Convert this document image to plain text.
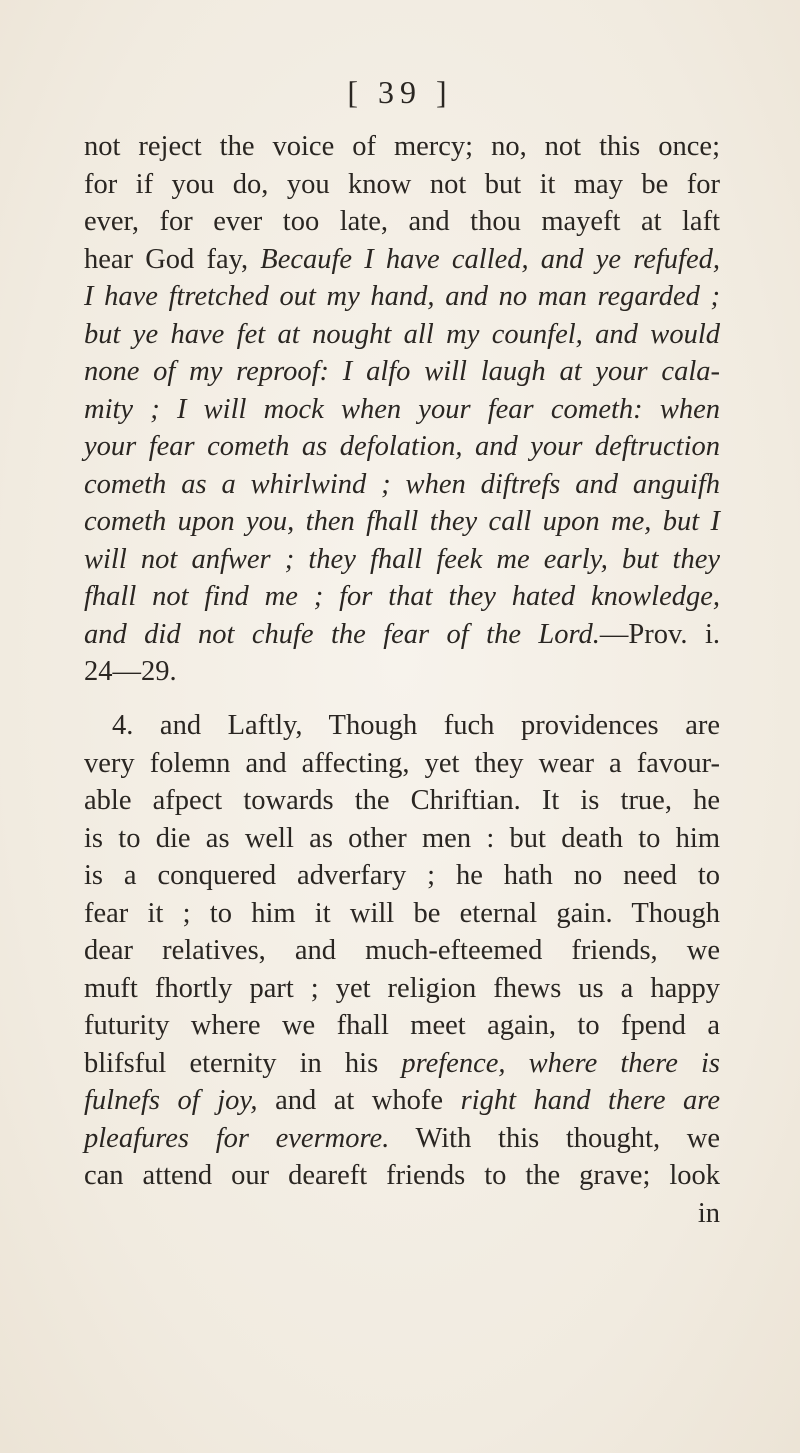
[ 39 ]
not reject the voice of mercy; no, not this once;
for if you do, you know not but it may be for
ever, for ever too late, and thou mayeft at laft
hear God fay, Becaufe I have called, and ye refufed,
I have ftretched out my hand, and no man regarded ;
but ye have fet at nought all my counfel, and would
none of my reproof: I alfo will laugh at your cala-
mity ; I will mock when your fear cometh: when
your fear cometh as defolation, and your deftruction
cometh as a whirlwind ; when diftrefs and anguifh
cometh upon you, then fhall they call upon me, but I
will not anfwer ; they fhall feek me early, but they
fhall not find me ; for that they hated knowledge,
and did not chufe the fear of the Lord.—Prov. i.
24—29.
4. and Laftly, Though fuch providences are
very folemn and affecting, yet they wear a favour-
able afpect towards the Chriftian. It is true, he
is to die as well as other men : but death to him
is a conquered adverfary ; he hath no need to
fear it ; to him it will be eternal gain. Though
dear relatives, and much-efteemed friends, we
muft fhortly part ; yet religion fhews us a happy
futurity where we fhall meet again, to fpend a
blifsful eternity in his prefence, where there is
fulnefs of joy, and at whofe right hand there are
pleafures for evermore. With this thought, we
can attend our deareft friends to the grave; look
in
